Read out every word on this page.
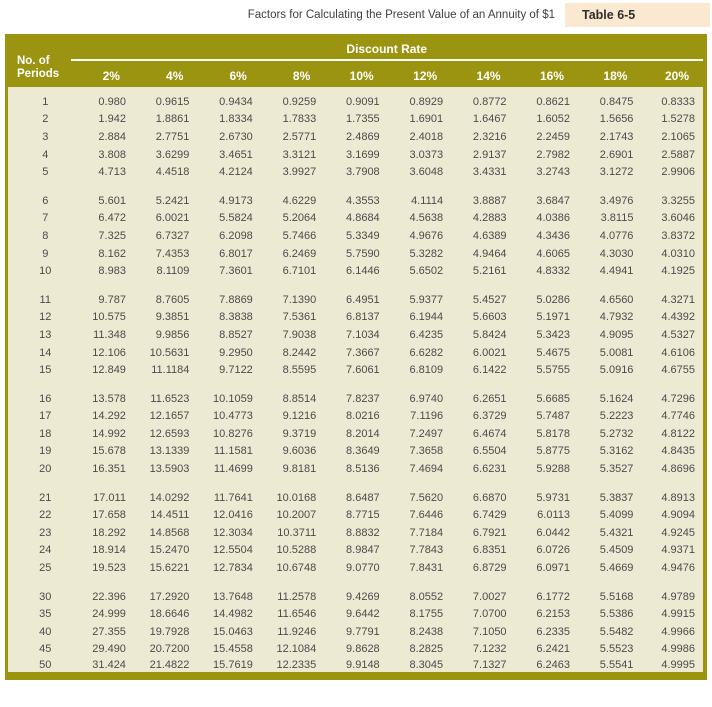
Factors for Calculating the Present Value of an Annuity of $1	Table 6-5
No. of
Periods	Discount Rate									
	2%	4%	6%	8%	10%	12%	14%	16%	18%	20%

1	0.980	0.9615	0.9434	0.9259	0.9091	0.8929	0.8772	0.8621	0.8475	0.8333
2	1.942	1.8861	1.8334	1.7833	1.7355	1.6901	1.6467	1.6052	1.5656	1.5278
3	2.884	2.7751	2.6730	2.5771	2.4869	2.4018	2.3216	2.2459	2.1743	2.1065
4	3.808	3.6299	3.4651	3.3121	3.1699	3.0373	2.9137	2.7982	2.6901	2.5887
5	4.713	4.4518	4.2124	3.9927	3.7908	3.6048	3.4331	3.2743	3.1272	2.9906

6	5.601	5.2421	4.9173	4.6229	4.3553	4.1114	3.8887	3.6847	3.4976	3.3255
7	6.472	6.0021	5.5824	5.2064	4.8684	4.5638	4.2883	4.0386	3.8115	3.6046
8	7.325	6.7327	6.2098	5.7466	5.3349	4.9676	4.6389	4.3436	4.0776	3.8372
9	8.162	7.4353	6.8017	6.2469	5.7590	5.3282	4.9464	4.6065	4.3030	4.0310
10	8.983	8.1109	7.3601	6.7101	6.1446	5.6502	5.2161	4.8332	4.4941	4.1925

11	9.787	8.7605	7.8869	7.1390	6.4951	5.9377	5.4527	5.0286	4.6560	4.3271
12	10.575	9.3851	8.3838	7.5361	6.8137	6.1944	5.6603	5.1971	4.7932	4.4392
13	11.348	9.9856	8.8527	7.9038	7.1034	6.4235	5.8424	5.3423	4.9095	4.5327
14	12.106	10.5631	9.2950	8.2442	7.3667	6.6282	6.0021	5.4675	5.0081	4.6106
15	12.849	11.1184	9.7122	8.5595	7.6061	6.8109	6.1422	5.5755	5.0916	4.6755

16	13.578	11.6523	10.1059	8.8514	7.8237	6.9740	6.2651	5.6685	5.1624	4.7296
17	14.292	12.1657	10.4773	9.1216	8.0216	7.1196	6.3729	5.7487	5.2223	4.7746
18	14.992	12.6593	10.8276	9.3719	8.2014	7.2497	6.4674	5.8178	5.2732	4.8122
19	15.678	13.1339	11.1581	9.6036	8.3649	7.3658	6.5504	5.8775	5.3162	4.8435
20	16.351	13.5903	11.4699	9.8181	8.5136	7.4694	6.6231	5.9288	5.3527	4.8696

21	17.011	14.0292	11.7641	10.0168	8.6487	7.5620	6.6870	5.9731	5.3837	4.8913
22	17.658	14.4511	12.0416	10.2007	8.7715	7.6446	6.7429	6.0113	5.4099	4.9094
23	18.292	14.8568	12.3034	10.3711	8.8832	7.7184	6.7921	6.0442	5.4321	4.9245
24	18.914	15.2470	12.5504	10.5288	8.9847	7.7843	6.8351	6.0726	5.4509	4.9371
25	19.523	15.6221	12.7834	10.6748	9.0770	7.8431	6.8729	6.0971	5.4669	4.9476

30	22.396	17.2920	13.7648	11.2578	9.4269	8.0552	7.0027	6.1772	5.5168	4.9789
35	24.999	18.6646	14.4982	11.6546	9.6442	8.1755	7.0700	6.2153	5.5386	4.9915
40	27.355	19.7928	15.0463	11.9246	9.7791	8.2438	7.1050	6.2335	5.5482	4.9966
45	29.490	20.7200	15.4558	12.1084	9.8628	8.2825	7.1232	6.2421	5.5523	4.9986
50	31.424	21.4822	15.7619	12.2335	9.9148	8.3045	7.1327	6.2463	5.5541	4.9995
